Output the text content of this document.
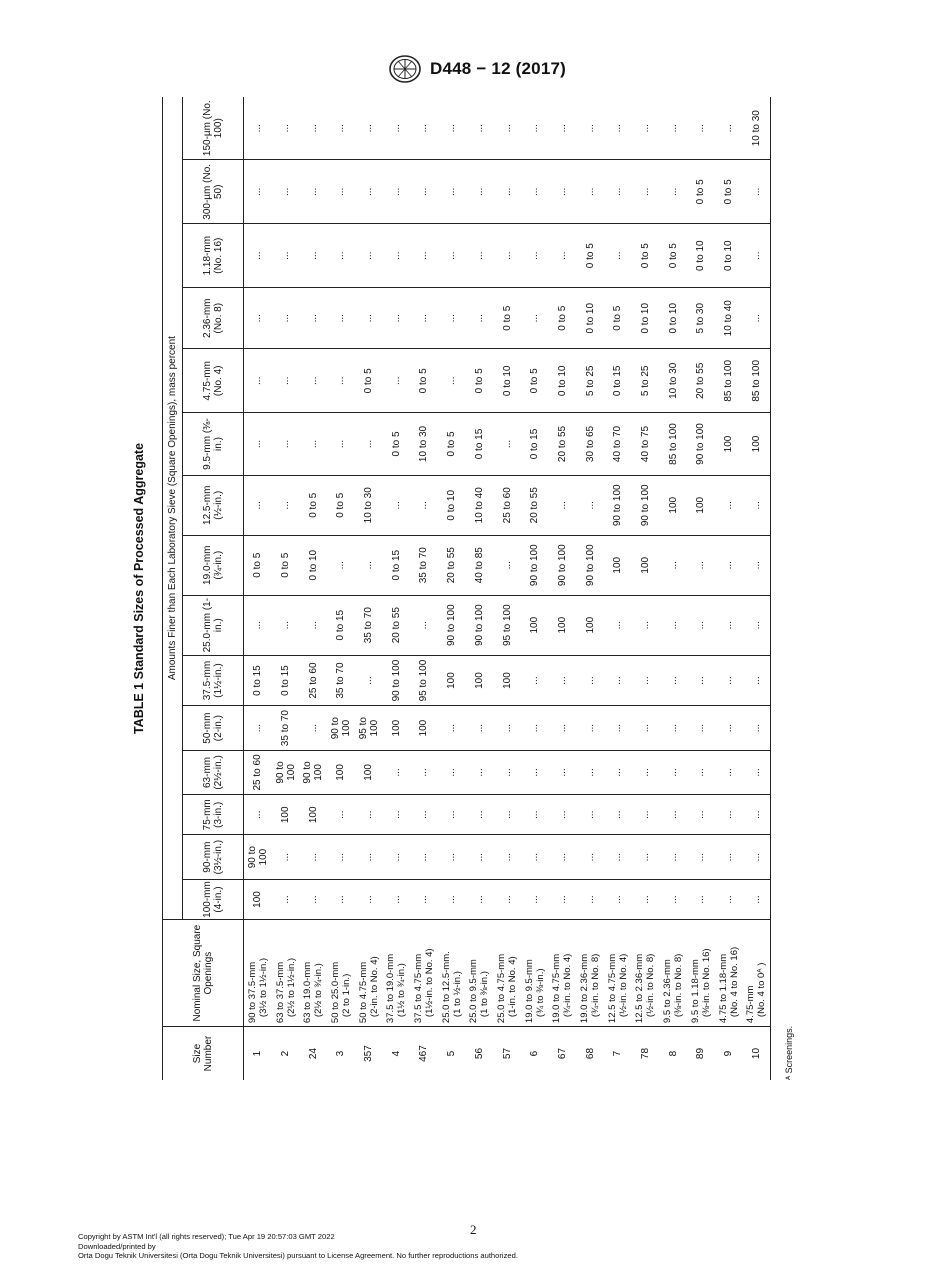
D448 − 12 (2017)
TABLE 1 Standard Sizes of Processed Aggregate
Size Number	Nominal Size, Square Openings	Amounts Finer than Each Laboratory Sieve (Square Openings), mass percent														
		100-mm (4-in.)	90-mm (3½-in.)	75-mm (3-in.)	63-mm (2½-in.)	50-mm (2-in.)	37.5-mm (1½-in.)	25.0-mm (1-in.)	19.0-mm (¾-in.)	12.5-mm (½-in.)	9.5-mm (⅜-in.)	4.75-mm (No. 4)	2.36-mm (No. 8)	1.18-mm (No. 16)	300-µm (No. 50)	150-µm (No. 100)
1	90 to 37.5-mm (3½ to 1½-in.)	100	90 to 100	...	25 to 60	...	0 to 15	...	0 to 5	...	...	...	...	...	...	...
2	63 to 37.5-mm (2½ to 1½-in.)	...	...	100	90 to 100	35 to 70	0 to 15	...	0 to 5	...	...	...	...	...	...	...
24	63 to 19.0-mm (2½ to ¾-in.)	...	...	100	90 to 100	...	25 to 60	...	0 to 10	0 to 5	...	...	...	...	...	...
3	50 to 25.0-mm (2 to 1-in.)	...	...	...	100	90 to 100	35 to 70	0 to 15	...	0 to 5	...	...	...	...	...	...
357	50 to 4.75-mm (2-in. to No. 4)	...	...	...	100	95 to 100	...	35 to 70	...	10 to 30	...	0 to 5	...	...	...	...
4	37.5 to 19.0-mm (1½ to ¾-in.)	...	...	...	...	100	90 to 100	20 to 55	0 to 15	...	0 to 5	...	...	...	...	...
467	37.5 to 4.75-mm (1½-in. to No. 4)	...	...	...	...	100	95 to 100	...	35 to 70	...	10 to 30	0 to 5	...	...	...	...
5	25.0 to 12.5-mm. (1 to ½-in.)	...	...	...	...	...	100	90 to 100	20 to 55	0 to 10	0 to 5	...	...	...	...	...
56	25.0 to 9.5-mm (1 to ⅜-in.)	...	...	...	...	...	100	90 to 100	40 to 85	10 to 40	0 to 15	0 to 5	...	...	...	...
57	25.0 to 4.75-mm (1-in. to No. 4)	...	...	...	...	...	100	95 to 100	...	25 to 60	...	0 to 10	0 to 5	...	...	...
6	19.0 to 9.5-mm (¾ to ⅜-in.)	...	...	...	...	...	...	100	90 to 100	20 to 55	0 to 15	0 to 5	...	...	...	...
67	19.0 to 4.75-mm (¾-in. to No. 4)	...	...	...	...	...	...	100	90 to 100	...	20 to 55	0 to 10	0 to 5	...	...	...
68	19.0 to 2.36-mm (¾-in. to No. 8)	...	...	...	...	...	...	100	90 to 100	...	30 to 65	5 to 25	0 to 10	0 to 5	...	...
7	12.5 to 4.75-mm (½-in. to No. 4)	...	...	...	...	...	...	...	100	90 to 100	40 to 70	0 to 15	0 to 5	...	...	...
78	12.5 to 2.36-mm (½-in. to No. 8)	...	...	...	...	...	...	...	100	90 to 100	40 to 75	5 to 25	0 to 10	0 to 5	...	...
8	9.5 to 2.36-mm (⅜-in. to No. 8)	...	...	...	...	...	...	...	...	100	85 to 100	10 to 30	0 to 10	0 to 5	...	...
89	9.5 to 1.18-mm (⅜-in. to No. 16)	...	...	...	...	...	...	...	...	100	90 to 100	20 to 55	5 to 30	0 to 10	0 to 5	...
9	4.75 to 1.18-mm (No. 4 to No. 16)	...	...	...	...	...	...	...	...	...	100	85 to 100	10 to 40	0 to 10	0 to 5	...
10	4.75-mm (No. 4 to 0ᴬ )	...	...	...	...	...	...	...	...	...	100	85 to 100	...	...	...	10 to 30
ᴬ Screenings.
2
Copyright by ASTM Int'l (all rights reserved); Tue Apr 19 20:57:03 GMT 2022
Downloaded/printed by
Orta Dogu Teknik Universitesi (Orta Dogu Teknik Universitesi) pursuant to License Agreement. No further reproductions authorized.
